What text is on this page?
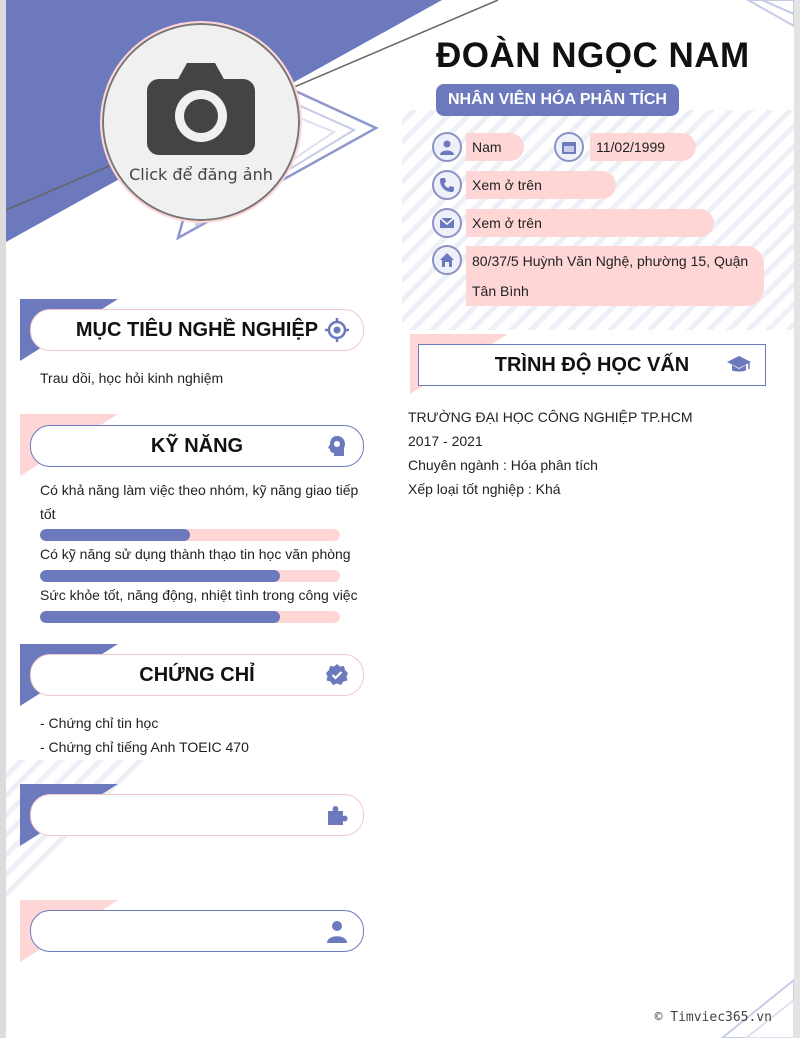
Click để đăng ảnh
ĐOÀN NGỌC NAM
NHÂN VIÊN HÓA PHÂN TÍCH
Nam	11/02/1999
Xem ở trên
Xem ở trên
80/37/5 Huỳnh Văn Nghệ, phường 15, Quận Tân Bình
MỤC TIÊU NGHỀ NGHIỆP
Trau dồi, học hỏi kinh nghiệm
KỸ NĂNG
Có khả năng làm việc theo nhóm, kỹ năng giao tiếp tốt
Có kỹ năng sử dụng thành thạo tin học văn phòng
Sức khỏe tốt, năng động, nhiệt tình trong công việc
CHỨNG CHỈ
- Chứng chỉ tin học
- Chứng chỉ tiếng Anh TOEIC 470
TRÌNH ĐỘ HỌC VẤN
TRƯỜNG ĐẠI HỌC CÔNG NGHIỆP TP.HCM
2017 - 2021
Chuyên ngành : Hóa phân tích
Xếp loại tốt nghiệp : Khá
© Timviec365.vn
